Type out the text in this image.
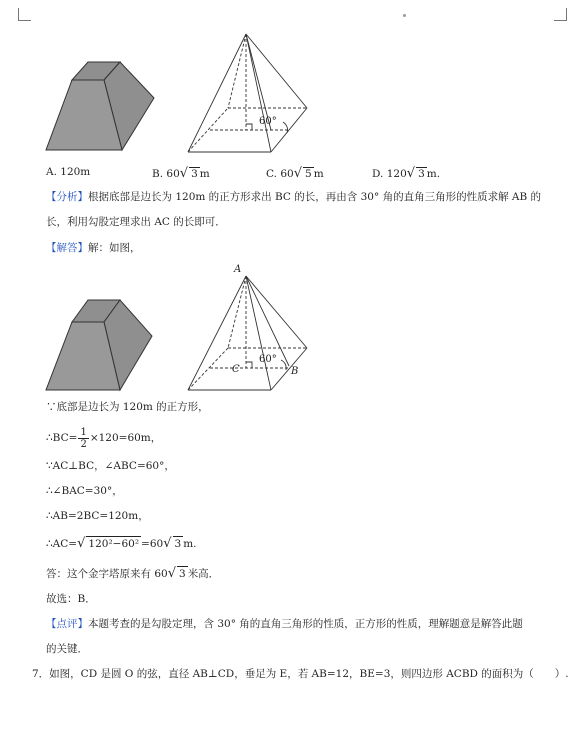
60°
A. 120m	B. 60√ 3 m	C. 60√ 5 m	D. 120√ 3 m.
【分析】根据底部是边长为 120m 的正方形求出 BC 的长，再由含 30° 角的直角三角形的性质求解 AB 的
长，利用勾股定理求出 AC 的长即可．
【解答】解：如图，
A
C	B
60°
∵底部是边长为 120m 的正方形，
∴BC= $\frac{1}{2} \times 120=60m$，
∵AC⊥BC，∠ABC=60°，
∴∠BAC=30°，
∴AB=2BC=120m，
∴AC=√ 120²−60² =60√ 3 m.
答：这个金字塔原来有 60√ 3 米高．
故选：B．
【点评】本题考查的是勾股定理，含 30° 角的直角三角形的性质，正方形的性质，理解题意是解答此题
的关键．
7．如图，CD 是圆 O 的弦，直径 AB⊥CD，垂足为 E，若 AB=12，BE=3，则四边形 ACBD 的面积为（　　）.
